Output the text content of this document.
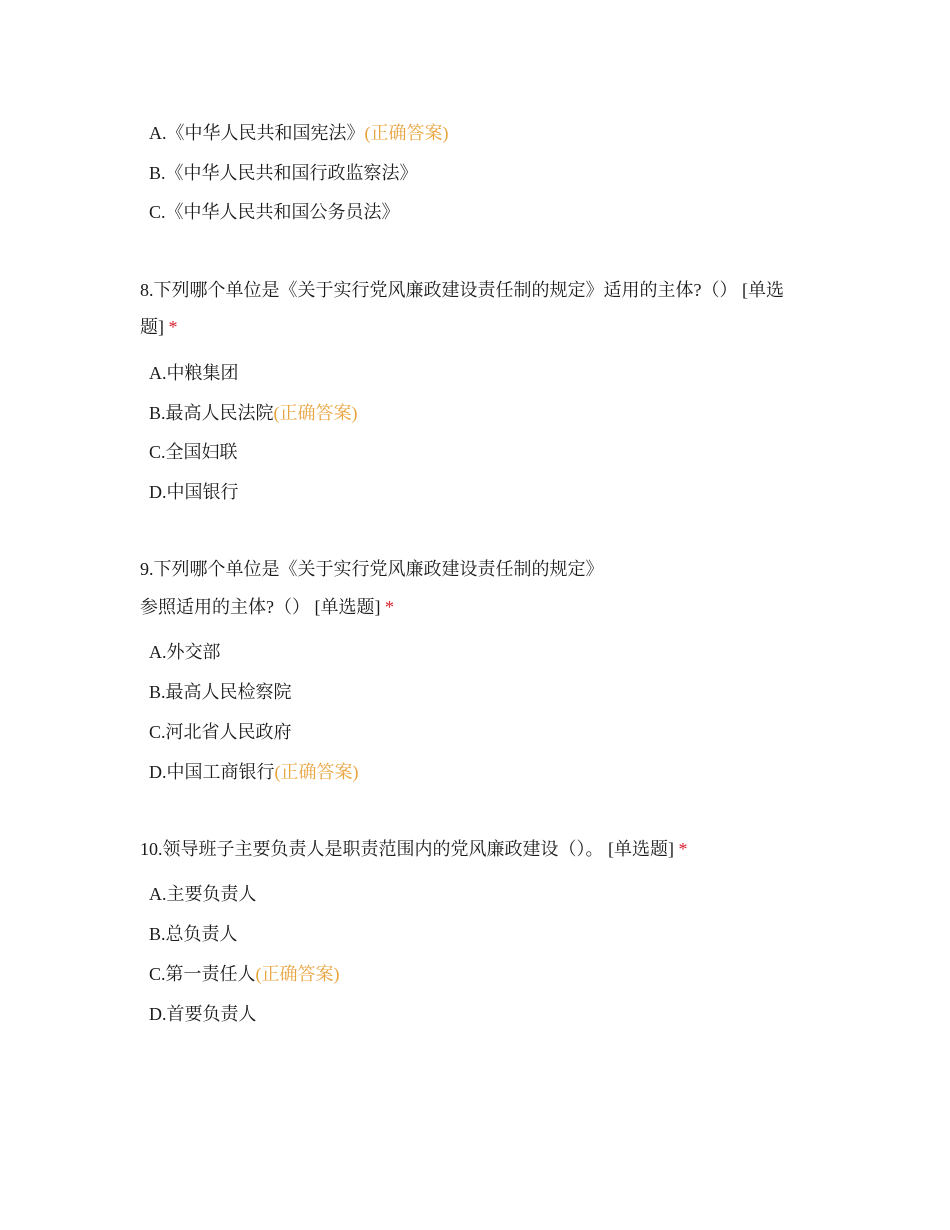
A.《中华人民共和国宪法》(正确答案)
B.《中华人民共和国行政监察法》
C.《中华人民共和国公务员法》
8.下列哪个单位是《关于实行党风廉政建设责任制的规定》适用的主体?（） [单选
题] *
A.中粮集团
B.最高人民法院(正确答案)
C.全国妇联
D.中国银行
9.下列哪个单位是《关于实行党风廉政建设责任制的规定》
参照适用的主体?（） [单选题] *
A.外交部
B.最高人民检察院
C.河北省人民政府
D.中国工商银行(正确答案)
10.领导班子主要负责人是职责范围内的党风廉政建设（）。 [单选题] *
A.主要负责人
B.总负责人
C.第一责任人(正确答案)
D.首要负责人
